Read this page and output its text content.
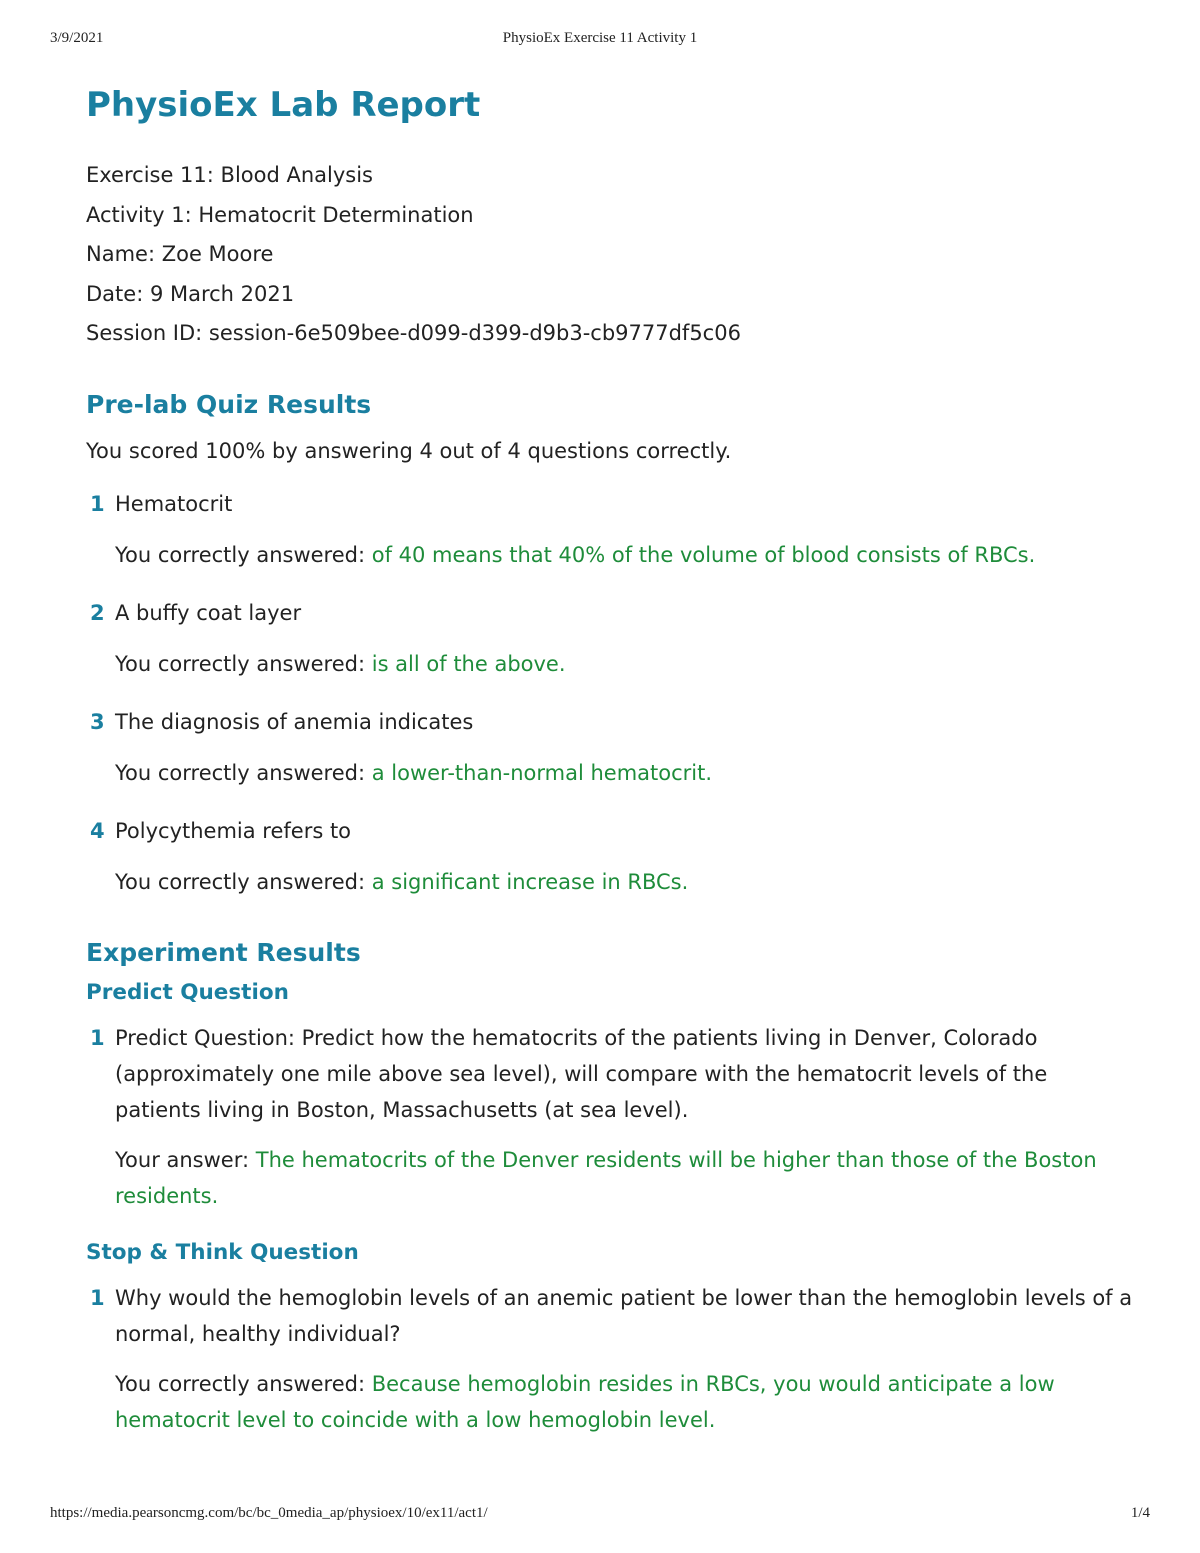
3/9/2021	PhysioEx Exercise 11 Activity 1
PhysioEx Lab Report
Exercise 11: Blood Analysis
Activity 1: Hematocrit Determination
Name: Zoe Moore
Date: 9 March 2021
Session ID: session-6e509bee-d099-d399-d9b3-cb9777df5c06
Pre-lab Quiz Results
You scored 100% by answering 4 out of 4 questions correctly.
1 Hematocrit
You correctly answered: of 40 means that 40% of the volume of blood consists of RBCs.
2 A buffy coat layer
You correctly answered: is all of the above.
3 The diagnosis of anemia indicates
You correctly answered: a lower-than-normal hematocrit.
4 Polycythemia refers to
You correctly answered: a significant increase in RBCs.
Experiment Results
Predict Question
1 Predict Question: Predict how the hematocrits of the patients living in Denver, Colorado (approximately one mile above sea level), will compare with the hematocrit levels of the patients living in Boston, Massachusetts (at sea level).
Your answer: The hematocrits of the Denver residents will be higher than those of the Boston residents.
Stop & Think Question
1 Why would the hemoglobin levels of an anemic patient be lower than the hemoglobin levels of a normal, healthy individual?
You correctly answered: Because hemoglobin resides in RBCs, you would anticipate a low hematocrit level to coincide with a low hemoglobin level.
https://media.pearsoncmg.com/bc/bc_0media_ap/physioex/10/ex11/act1/	1/4
